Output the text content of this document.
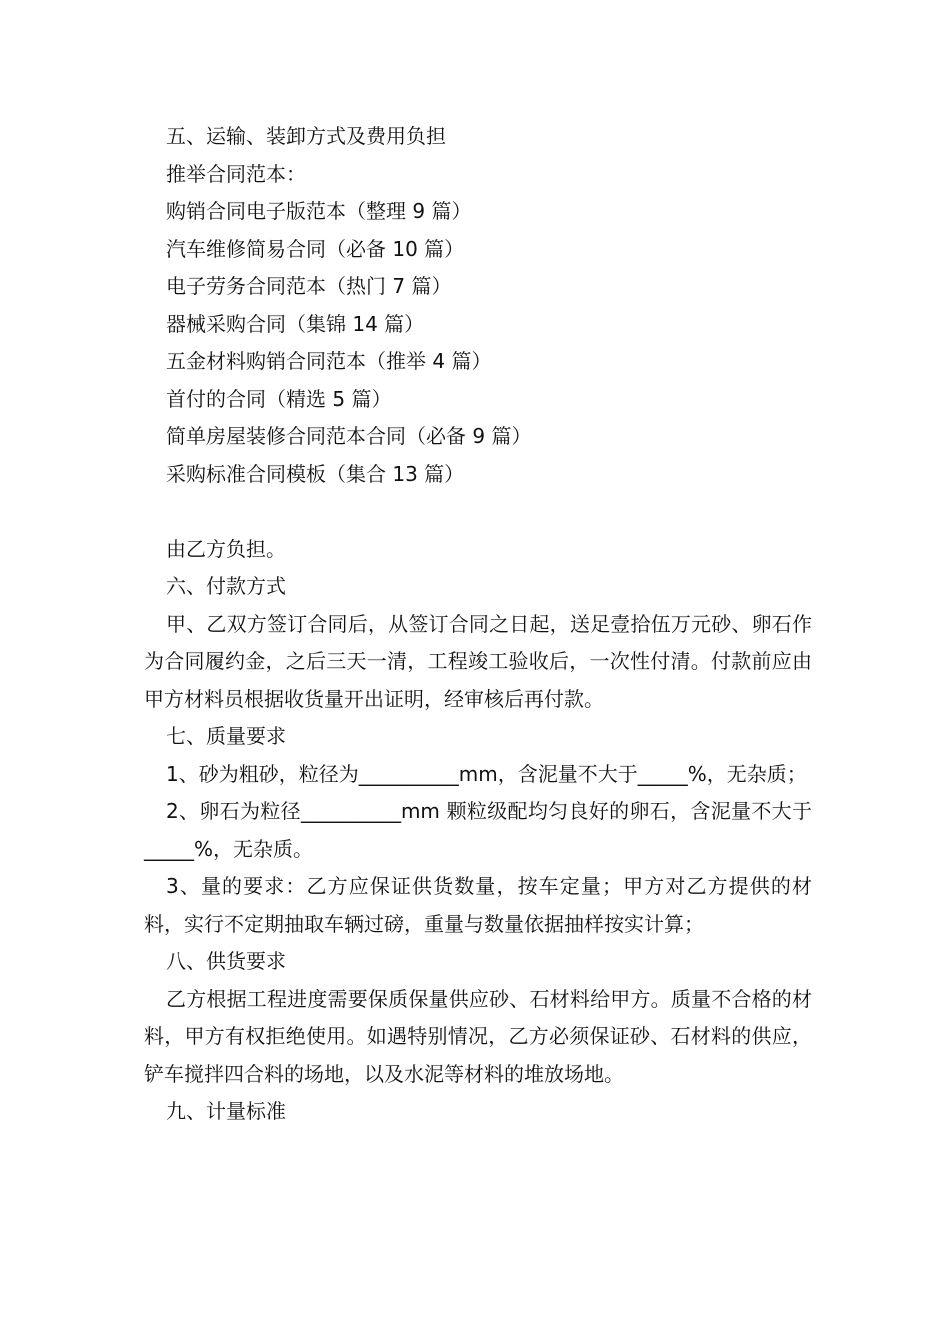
五、运输、装卸方式及费用负担
推举合同范本：
购销合同电子版范本（整理 9 篇）
汽车维修简易合同（必备 10 篇）
电子劳务合同范本（热门 7 篇）
器械采购合同（集锦 14 篇）
五金材料购销合同范本（推举 4 篇）
首付的合同（精选 5 篇）
简单房屋装修合同范本合同（必备 9 篇）
采购标准合同模板（集合 13 篇）
由乙方负担。
六、付款方式

甲、乙双方签订合同后，从签订合同之日起，送足壹拾伍万元砂、卵石作为合同履约金，之后三天一清，工程竣工验收后，一次性付清。付款前应由甲方材料员根据收货量开出证明，经审核后再付款。

七、质量要求

1、砂为粗砂，粒径为__________mm，含泥量不大于_____%，无杂质；

2、卵石为粒径__________mm 颗粒级配均匀良好的卵石，含泥量不大于_____%，无杂质。

3、量的要求：乙方应保证供货数量，按车定量；甲方对乙方提供的材料，实行不定期抽取车辆过磅，重量与数量依据抽样按实计算；

八、供货要求

乙方根据工程进度需要保质保量供应砂、石材料给甲方。质量不合格的材料，甲方有权拒绝使用。如遇特别情况，乙方必须保证砂、石材料的供应，铲车搅拌四合料的场地，以及水泥等材料的堆放场地。

九、计量标准
